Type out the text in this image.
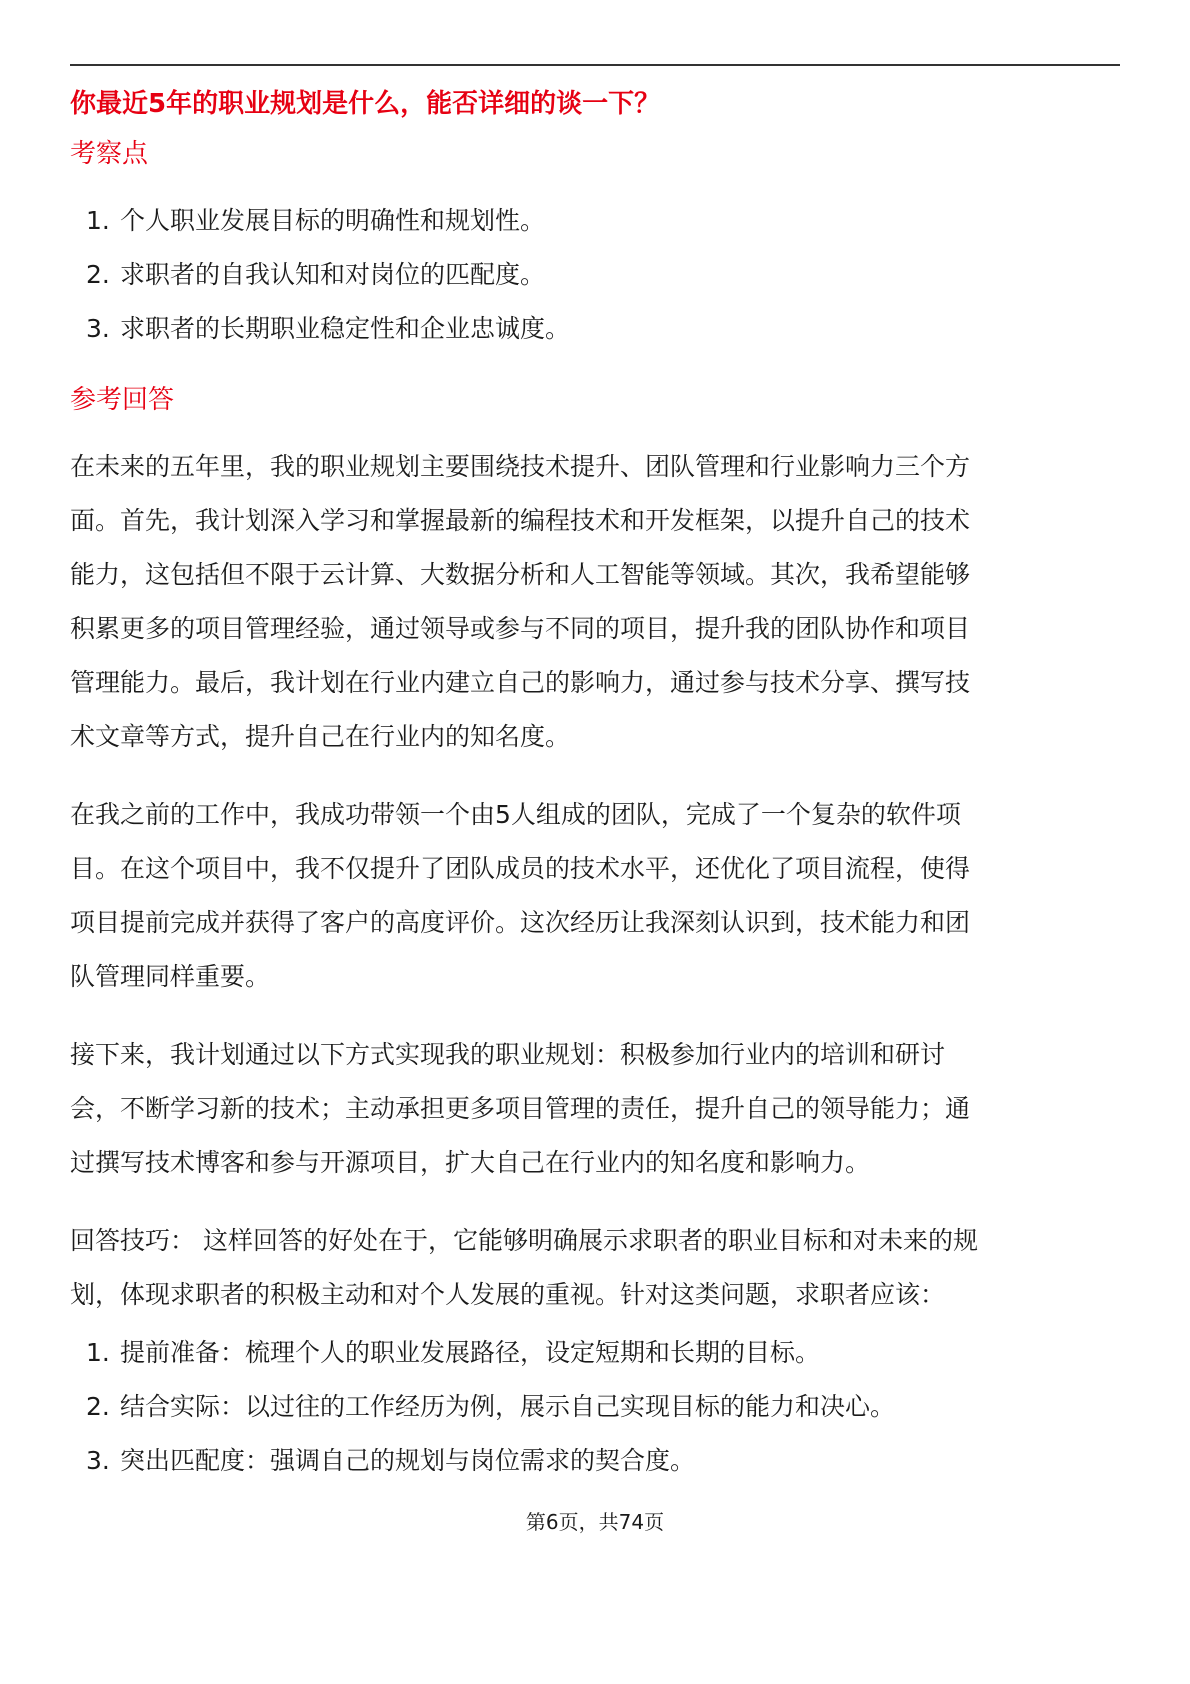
你最近5年的职业规划是什么，能否详细的谈一下？
考察点
1. 个人职业发展目标的明确性和规划性。
2. 求职者的自我认知和对岗位的匹配度。
3. 求职者的长期职业稳定性和企业忠诚度。
参考回答

在未来的五年里，我的职业规划主要围绕技术提升、团队管理和行业影响力三个方
面。首先，我计划深入学习和掌握最新的编程技术和开发框架，以提升自己的技术
能力，这包括但不限于云计算、大数据分析和人工智能等领域。其次，我希望能够
积累更多的项目管理经验，通过领导或参与不同的项目，提升我的团队协作和项目
管理能力。最后，我计划在行业内建立自己的影响力，通过参与技术分享、撰写技
术文章等方式，提升自己在行业内的知名度。

在我之前的工作中，我成功带领一个由5人组成的团队，完成了一个复杂的软件项
目。在这个项目中，我不仅提升了团队成员的技术水平，还优化了项目流程，使得
项目提前完成并获得了客户的高度评价。这次经历让我深刻认识到，技术能力和团
队管理同样重要。

接下来，我计划通过以下方式实现我的职业规划：积极参加行业内的培训和研讨
会，不断学习新的技术；主动承担更多项目管理的责任，提升自己的领导能力；通
过撰写技术博客和参与开源项目，扩大自己在行业内的知名度和影响力。

回答技巧： 这样回答的好处在于，它能够明确展示求职者的职业目标和对未来的规
划，体现求职者的积极主动和对个人发展的重视。针对这类问题，求职者应该：

1. 提前准备：梳理个人的职业发展路径，设定短期和长期的目标。
2. 结合实际：以过往的工作经历为例，展示自己实现目标的能力和决心。
3. 突出匹配度：强调自己的规划与岗位需求的契合度。
第6页，共74页
